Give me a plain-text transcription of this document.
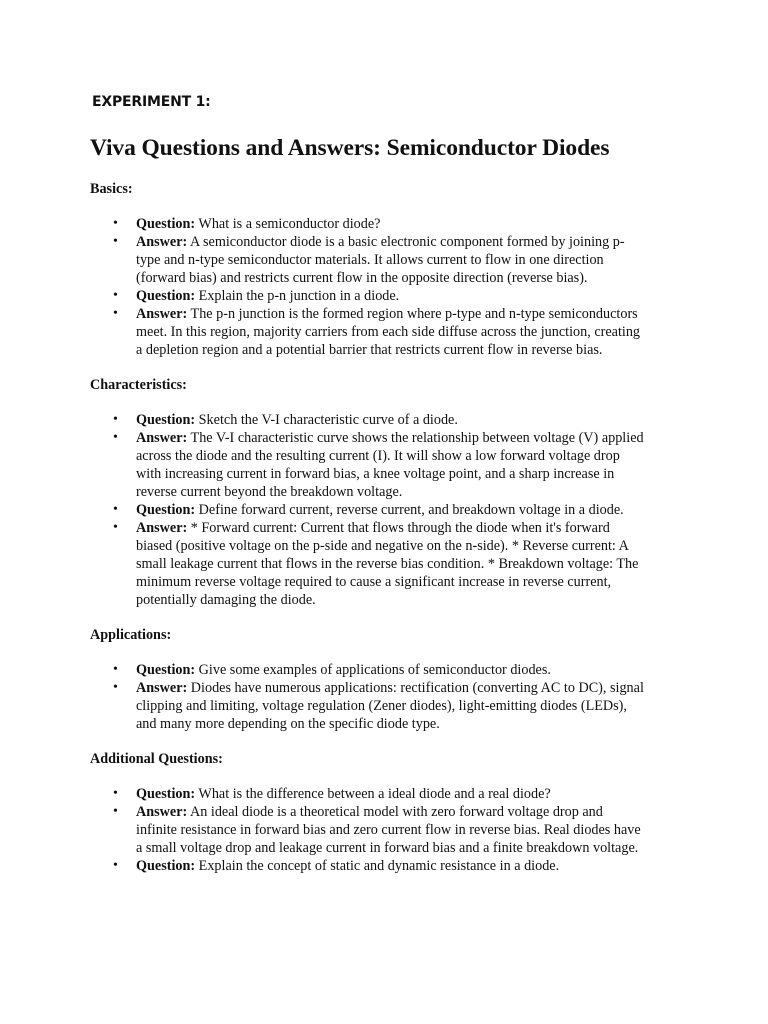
EXPERIMENT 1:

Viva Questions and Answers: Semiconductor Diodes

Basics:

• Question: What is a semiconductor diode?
• Answer: A semiconductor diode is a basic electronic component formed by joining p-
type and n-type semiconductor materials. It allows current to flow in one direction
(forward bias) and restricts current flow in the opposite direction (reverse bias).
• Question: Explain the p-n junction in a diode.
• Answer: The p-n junction is the formed region where p-type and n-type semiconductors
meet. In this region, majority carriers from each side diffuse across the junction, creating
a depletion region and a potential barrier that restricts current flow in reverse bias.

Characteristics:

• Question: Sketch the V-I characteristic curve of a diode.
• Answer: The V-I characteristic curve shows the relationship between voltage (V) applied
across the diode and the resulting current (I). It will show a low forward voltage drop
with increasing current in forward bias, a knee voltage point, and a sharp increase in
reverse current beyond the breakdown voltage.
• Question: Define forward current, reverse current, and breakdown voltage in a diode.
• Answer: * Forward current: Current that flows through the diode when it's forward
biased (positive voltage on the p-side and negative on the n-side). * Reverse current: A
small leakage current that flows in the reverse bias condition. * Breakdown voltage: The
minimum reverse voltage required to cause a significant increase in reverse current,
potentially damaging the diode.

Applications:

• Question: Give some examples of applications of semiconductor diodes.
• Answer: Diodes have numerous applications: rectification (converting AC to DC), signal
clipping and limiting, voltage regulation (Zener diodes), light-emitting diodes (LEDs),
and many more depending on the specific diode type.

Additional Questions:

• Question: What is the difference between a ideal diode and a real diode?
• Answer: An ideal diode is a theoretical model with zero forward voltage drop and
infinite resistance in forward bias and zero current flow in reverse bias. Real diodes have
a small voltage drop and leakage current in forward bias and a finite breakdown voltage.
• Question: Explain the concept of static and dynamic resistance in a diode.
